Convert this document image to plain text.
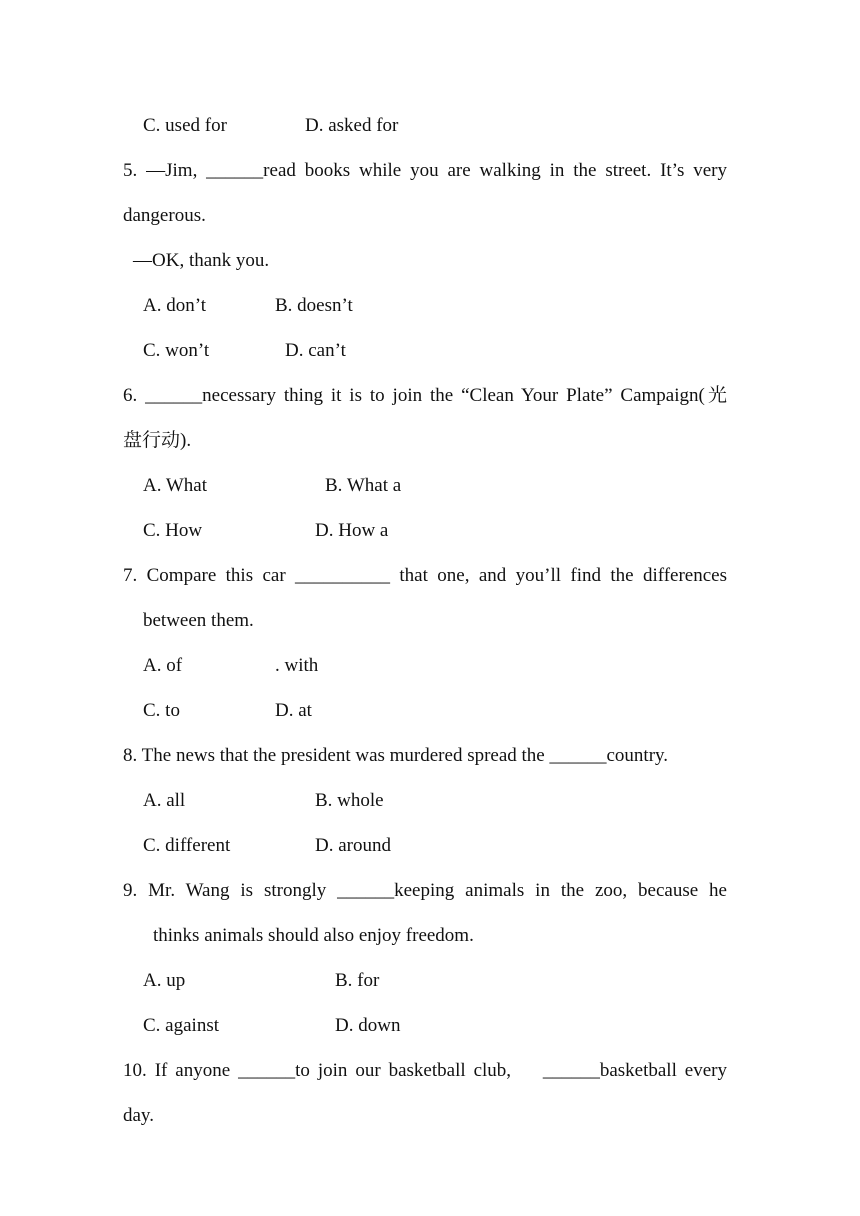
C. used for	D. asked for
5. —Jim, ______read books while you are walking in the street. It’s very
dangerous.
—OK, thank you.
A. don’t	B. doesn’t
C. won’t	D. can’t
6. ______necessary thing it is to join the “Clean Your Plate” Campaign(光
盘行动).
A. What	B. What a
C. How	D. How a
7. Compare this car __________ that one, and you’ll find the differences
between them.
A. of	. with
C. to	D. at
8. The news that the president was murdered spread the ______country.
A. all	B. whole
C. different	D. around
9. Mr. Wang is strongly ______keeping animals in the zoo, because he
thinks animals should also enjoy freedom.
A. up	B. for
C. against	D. down
10. If anyone ______to join our basketball club,    ______basketball every
day.
